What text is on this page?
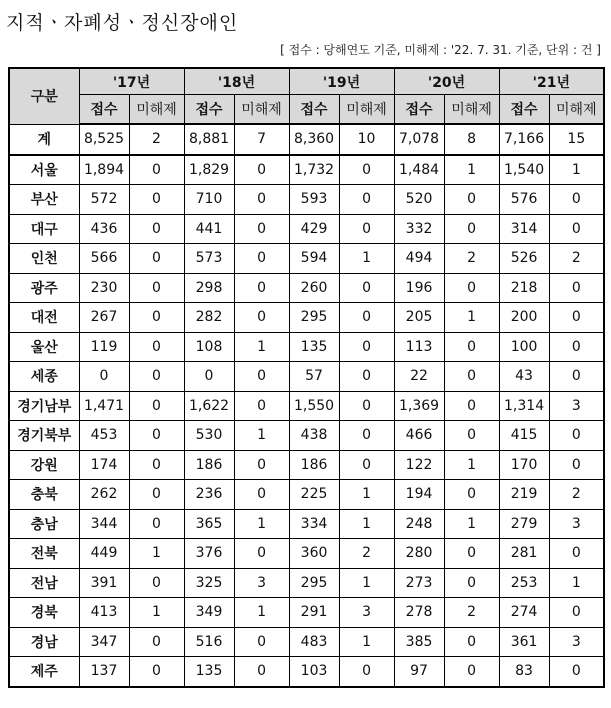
지적ㆍ자폐성ㆍ정신장애인
[ 접수 : 당해연도 기준, 미해제 : '22. 7. 31. 기준, 단위 : 건 ]
구분	'17년		'18년		'19년		'20년		'21년	
	접수	미해제	접수	미해제	접수	미해제	접수	미해제	접수	미해제
계	8,525	2	8,881	7	8,360	10	7,078	8	7,166	15
서울	1,894	0	1,829	0	1,732	0	1,484	1	1,540	1
부산	572	0	710	0	593	0	520	0	576	0
대구	436	0	441	0	429	0	332	0	314	0
인천	566	0	573	0	594	1	494	2	526	2
광주	230	0	298	0	260	0	196	0	218	0
대전	267	0	282	0	295	0	205	1	200	0
울산	119	0	108	1	135	0	113	0	100	0
세종	0	0	0	0	57	0	22	0	43	0
경기남부	1,471	0	1,622	0	1,550	0	1,369	0	1,314	3
경기북부	453	0	530	1	438	0	466	0	415	0
강원	174	0	186	0	186	0	122	1	170	0
충북	262	0	236	0	225	1	194	0	219	2
충남	344	0	365	1	334	1	248	1	279	3
전북	449	1	376	0	360	2	280	0	281	0
전남	391	0	325	3	295	1	273	0	253	1
경북	413	1	349	1	291	3	278	2	274	0
경남	347	0	516	0	483	1	385	0	361	3
제주	137	0	135	0	103	0	97	0	83	0
